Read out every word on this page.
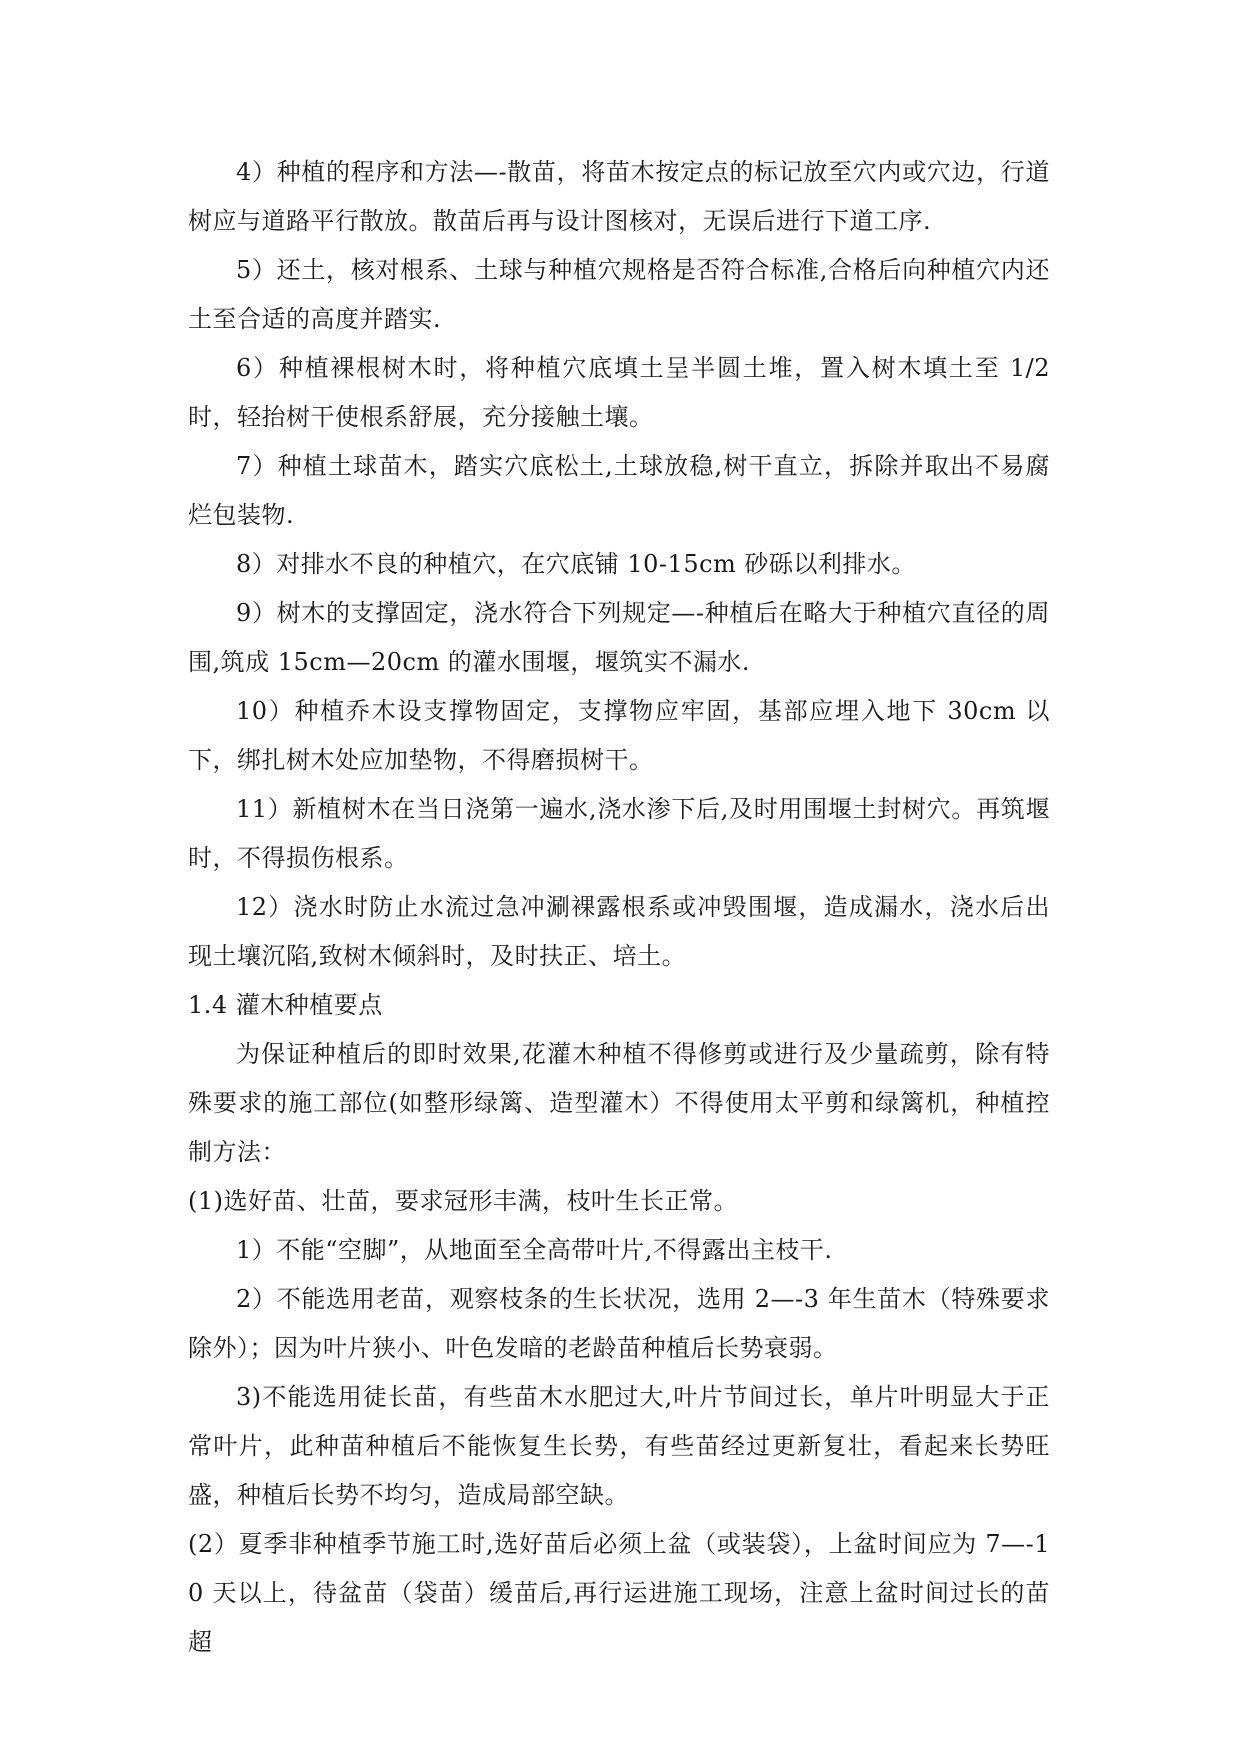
4）种植的程序和方法—-散苗，将苗木按定点的标记放至穴内或穴边，行道树应与道路平行散放。散苗后再与设计图核对，无误后进行下道工序.

5）还土，核对根系、土球与种植穴规格是否符合标准,合格后向种植穴内还土至合适的高度并踏实.

6）种植裸根树木时，将种植穴底填土呈半圆土堆，置入树木填土至 1/2 时，轻抬树干使根系舒展，充分接触土壤。

7）种植土球苗木，踏实穴底松土,土球放稳,树干直立，拆除并取出不易腐烂包装物.

8）对排水不良的种植穴，在穴底铺 10-15cm 砂砾以利排水。

9）树木的支撑固定，浇水符合下列规定—-种植后在略大于种植穴直径的周围,筑成 15cm—20cm 的灌水围堰，堰筑实不漏水.

10）种植乔木设支撑物固定，支撑物应牢固，基部应埋入地下 30cm 以下，绑扎树木处应加垫物，不得磨损树干。

11）新植树木在当日浇第一遍水,浇水渗下后,及时用围堰土封树穴。再筑堰时，不得损伤根系。

12）浇水时防止水流过急冲涮裸露根系或冲毁围堰，造成漏水，浇水后出现土壤沉陷,致树木倾斜时，及时扶正、培土。

1.4 灌木种植要点

为保证种植后的即时效果,花灌木种植不得修剪或进行及少量疏剪，除有特殊要求的施工部位(如整形绿篱、造型灌木）不得使用太平剪和绿篱机，种植控制方法：

(1)选好苗、壮苗，要求冠形丰满，枝叶生长正常。

1）不能“空脚”，从地面至全高带叶片,不得露出主枝干.

2）不能选用老苗，观察枝条的生长状况，选用 2—-3 年生苗木（特殊要求除外）；因为叶片狭小、叶色发暗的老龄苗种植后长势衰弱。

3)不能选用徒长苗，有些苗木水肥过大,叶片节间过长，单片叶明显大于正常叶片，此种苗种植后不能恢复生长势，有些苗经过更新复壮，看起来长势旺盛，种植后长势不均匀，造成局部空缺。

(2）夏季非种植季节施工时,选好苗后必须上盆（或装袋），上盆时间应为 7—-10 天以上，待盆苗（袋苗）缓苗后,再行运进施工现场，注意上盆时间过长的苗超
